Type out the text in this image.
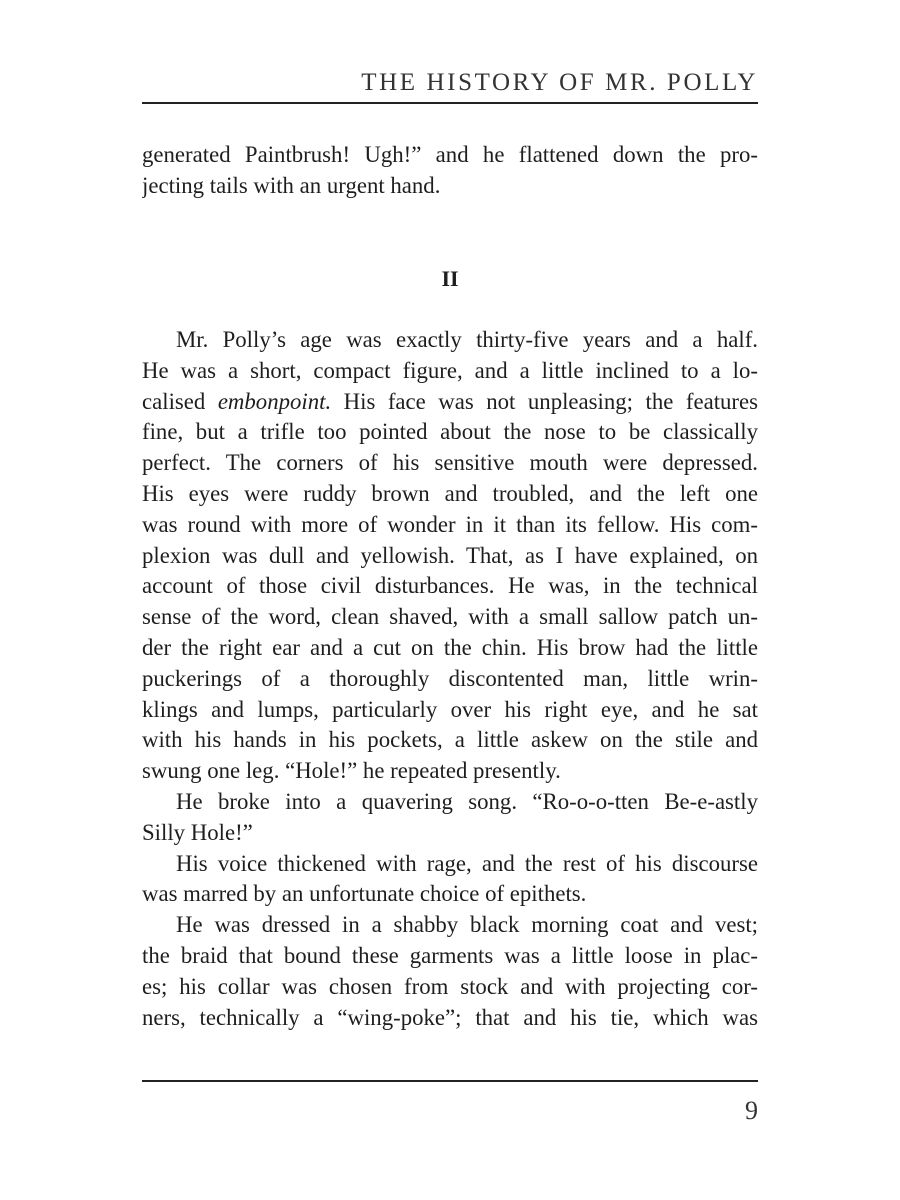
THE HISTORY OF MR. POLLY
generated Paintbrush! Ugh!” and he flattened down the pro-
jecting tails with an urgent hand.
II
Mr. Polly’s age was exactly thirty-five years and a half.
He was a short, compact figure, and a little inclined to a lo-
calised embonpoint. His face was not unpleasing; the features
fine, but a trifle too pointed about the nose to be classically
perfect. The corners of his sensitive mouth were depressed.
His eyes were ruddy brown and troubled, and the left one
was round with more of wonder in it than its fellow. His com-
plexion was dull and yellowish. That, as I have explained, on
account of those civil disturbances. He was, in the technical
sense of the word, clean shaved, with a small sallow patch un-
der the right ear and a cut on the chin. His brow had the little
puckerings of a thoroughly discontented man, little wrin-
klings and lumps, particularly over his right eye, and he sat
with his hands in his pockets, a little askew on the stile and
swung one leg. “Hole!” he repeated presently.
He broke into a quavering song. “Ro-o-o-tten Be-e-astly
Silly Hole!”
His voice thickened with rage, and the rest of his discourse
was marred by an unfortunate choice of epithets.
He was dressed in a shabby black morning coat and vest;
the braid that bound these garments was a little loose in plac-
es; his collar was chosen from stock and with projecting cor-
ners, technically a “wing-poke”; that and his tie, which was
9
